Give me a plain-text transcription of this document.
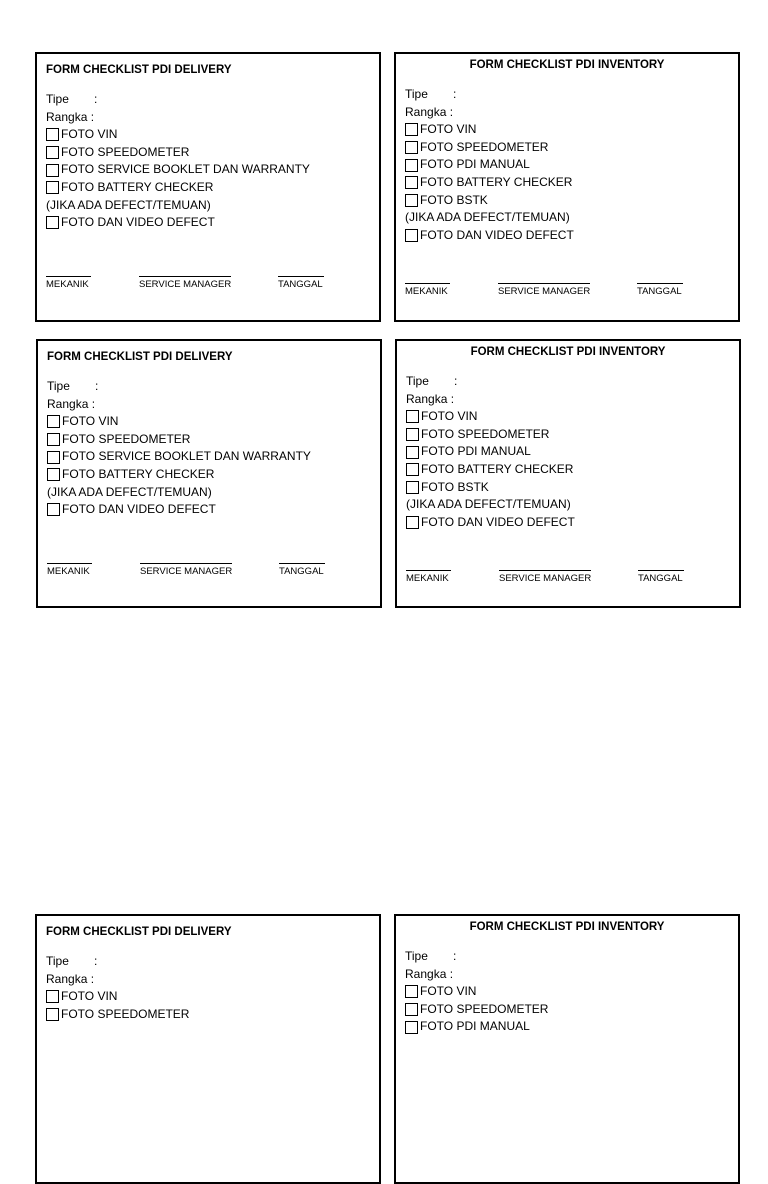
FORM CHECKLIST PDI DELIVERY
Tipe	:
Rangka :
FOTO VIN
FOTO SPEEDOMETER
FOTO SERVICE BOOKLET DAN WARRANTY
FOTO BATTERY CHECKER
(JIKA ADA DEFECT/TEMUAN)
FOTO DAN VIDEO DEFECT
MEKANIK	SERVICE MANAGER	TANGGAL
FORM CHECKLIST PDI INVENTORY
Tipe	:
Rangka :
FOTO VIN
FOTO SPEEDOMETER
FOTO PDI MANUAL
FOTO BATTERY CHECKER
FOTO BSTK
(JIKA ADA DEFECT/TEMUAN)
FOTO DAN VIDEO DEFECT
MEKANIK	SERVICE MANAGER	TANGGAL
FORM CHECKLIST PDI DELIVERY
Tipe	:
Rangka :
FOTO VIN
FOTO SPEEDOMETER
FOTO SERVICE BOOKLET DAN WARRANTY
FOTO BATTERY CHECKER
(JIKA ADA DEFECT/TEMUAN)
FOTO DAN VIDEO DEFECT
MEKANIK	SERVICE MANAGER	TANGGAL
FORM CHECKLIST PDI INVENTORY
Tipe	:
Rangka :
FOTO VIN
FOTO SPEEDOMETER
FOTO PDI MANUAL
FOTO BATTERY CHECKER
FOTO BSTK
(JIKA ADA DEFECT/TEMUAN)
FOTO DAN VIDEO DEFECT
MEKANIK	SERVICE MANAGER	TANGGAL
FORM CHECKLIST PDI DELIVERY
Tipe	:
Rangka :
FOTO VIN
FOTO SPEEDOMETER
FORM CHECKLIST PDI INVENTORY
Tipe	:
Rangka :
FOTO VIN
FOTO SPEEDOMETER
FOTO PDI MANUAL
